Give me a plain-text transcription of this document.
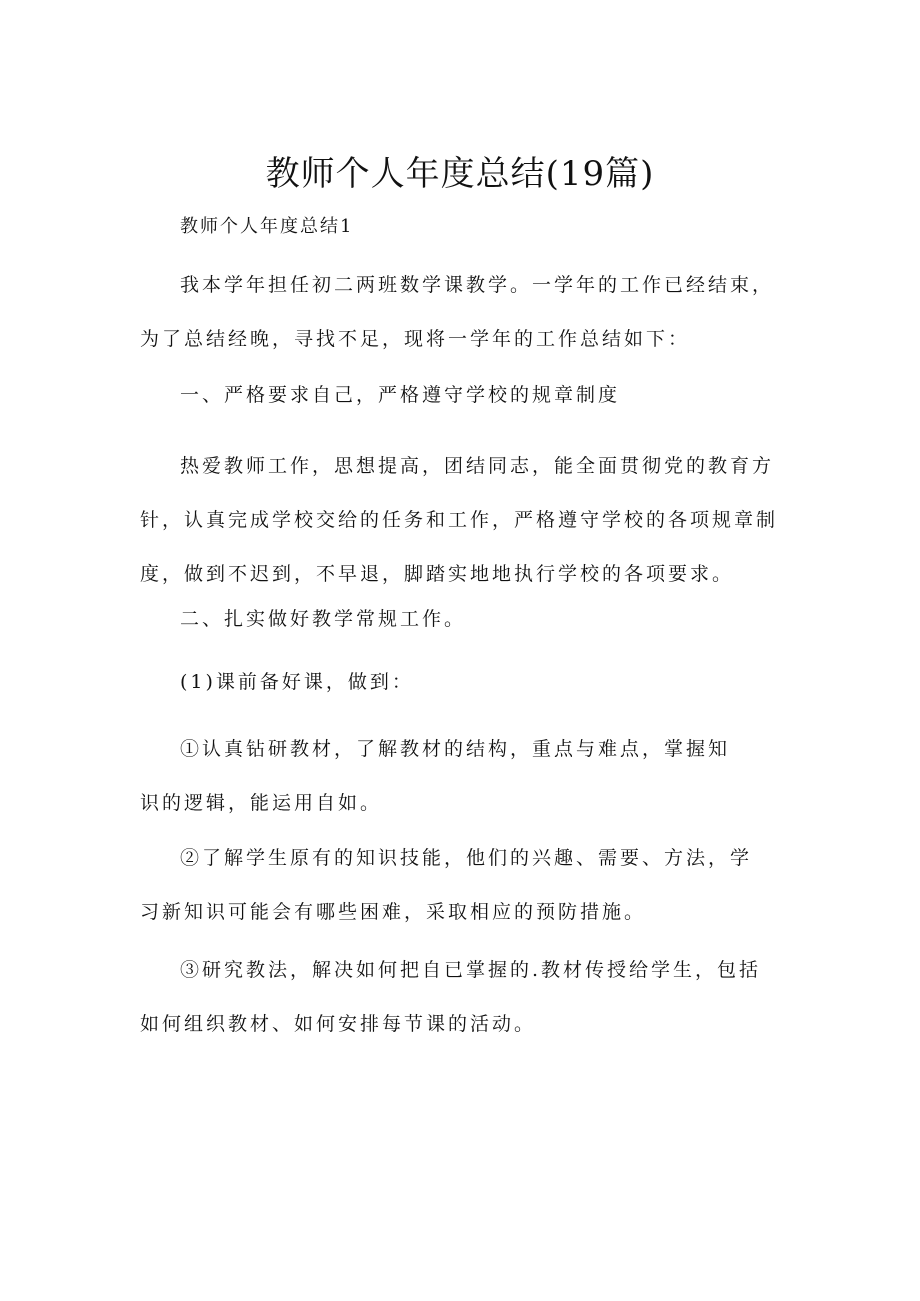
教师个人年度总结(19篇)

教师个人年度总结1

我本学年担任初二两班数学课教学。一学年的工作已经结束，为了总结经晚，寻找不足，现将一学年的工作总结如下：

一、严格要求自己，严格遵守学校的规章制度

热爱教师工作，思想提高，团结同志，能全面贯彻党的教育方针，认真完成学校交给的任务和工作，严格遵守学校的各项规章制度，做到不迟到，不早退，脚踏实地地执行学校的各项要求。

二、扎实做好教学常规工作。

(1)课前备好课，做到：

①认真钻研教材，了解教材的结构，重点与难点，掌握知识的逻辑，能运用自如。

②了解学生原有的知识技能，他们的兴趣、需要、方法，学习新知识可能会有哪些困难，采取相应的预防措施。

③研究教法，解决如何把自已掌握的.教材传授给学生，包括如何组织教材、如何安排每节课的活动。
